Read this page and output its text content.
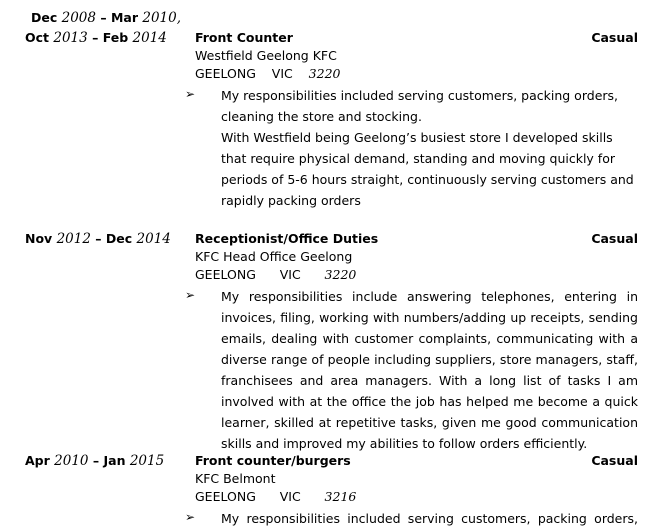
Dec 2008 – Mar 2010,
Oct 2013 – Feb 2014	Front Counter	Casual
Westfield Geelong KFC
GEELONG VIC 3220
➢ My responsibilities included serving customers, packing orders, cleaning the store and stocking.
With Westfield being Geelong’s busiest store I developed skills that require physical demand, standing and moving quickly for periods of 5-6 hours straight, continuously serving customers and rapidly packing orders
Nov 2012 – Dec 2014	Receptionist/Office Duties	Casual
KFC Head Office Geelong
GEELONG VIC 3220
➢ My responsibilities include answering telephones, entering in invoices, filing, working with numbers/adding up receipts, sending emails, dealing with customer complaints, communicating with a diverse range of people including suppliers, store managers, staff, franchisees and area managers. With a long list of tasks I am involved with at the office the job has helped me become a quick learner, skilled at repetitive tasks, given me good communication skills and improved my abilities to follow orders efficiently.
Apr 2010 – Jan 2015	Front counter/burgers	Casual
KFC Belmont
GEELONG VIC 3216
➢ My responsibilities included serving customers, packing orders,
